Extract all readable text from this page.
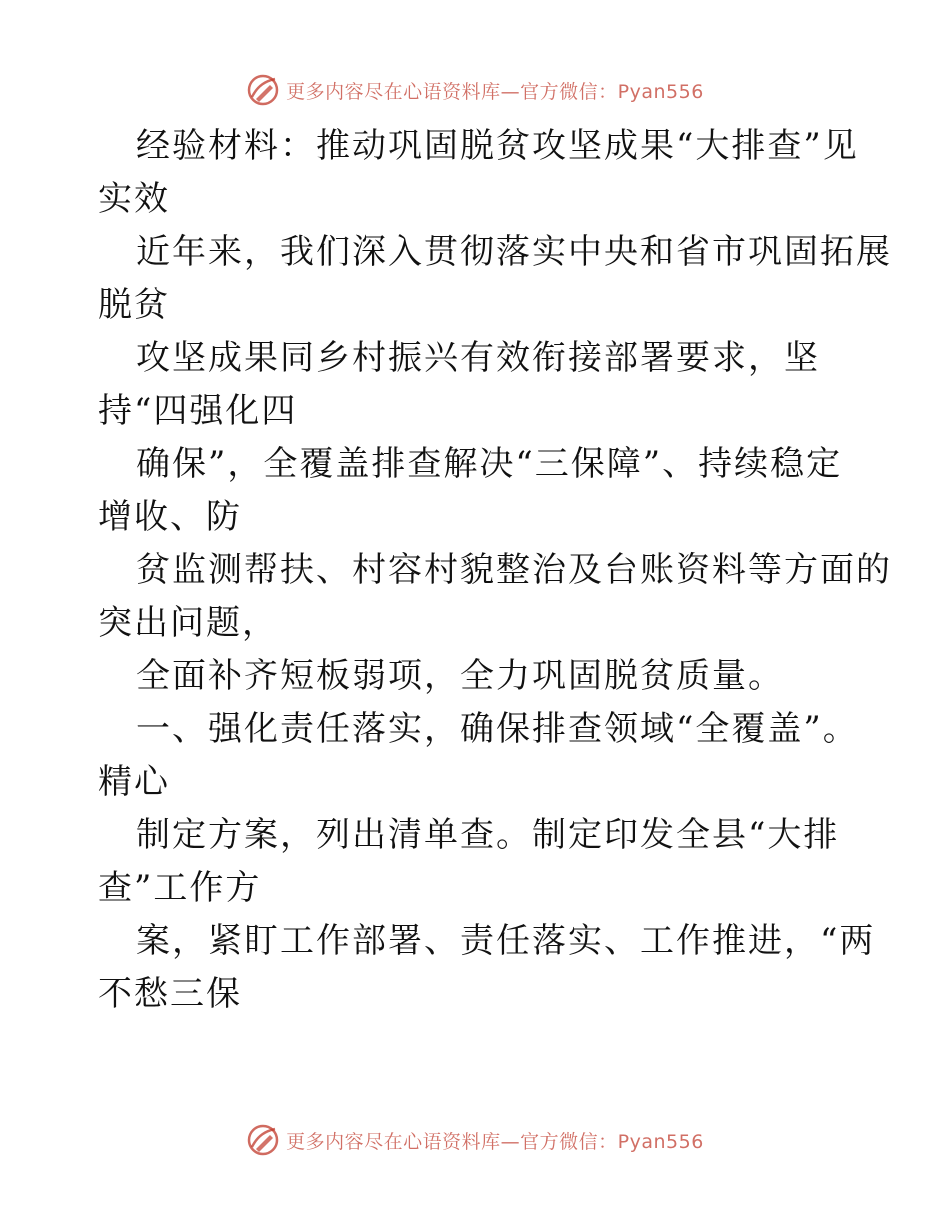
更多内容尽在心语资料库—官方微信：Pyan556
经验材料：推动巩固脱贫攻坚成果“大排查”见
实效
近年来，我们深入贯彻落实中央和省市巩固拓展
脱贫
攻坚成果同乡村振兴有效衔接部署要求，坚
持“四强化四
确保”，全覆盖排查解决“三保障”、持续稳定
增收、防
贫监测帮扶、村容村貌整治及台账资料等方面的
突出问题，
全面补齐短板弱项，全力巩固脱贫质量。
一、强化责任落实，确保排查领域“全覆盖”。
精心
制定方案，列出清单查。制定印发全县“大排
查”工作方
案，紧盯工作部署、责任落实、工作推进，“两
不愁三保
更多内容尽在心语资料库—官方微信：Pyan556
